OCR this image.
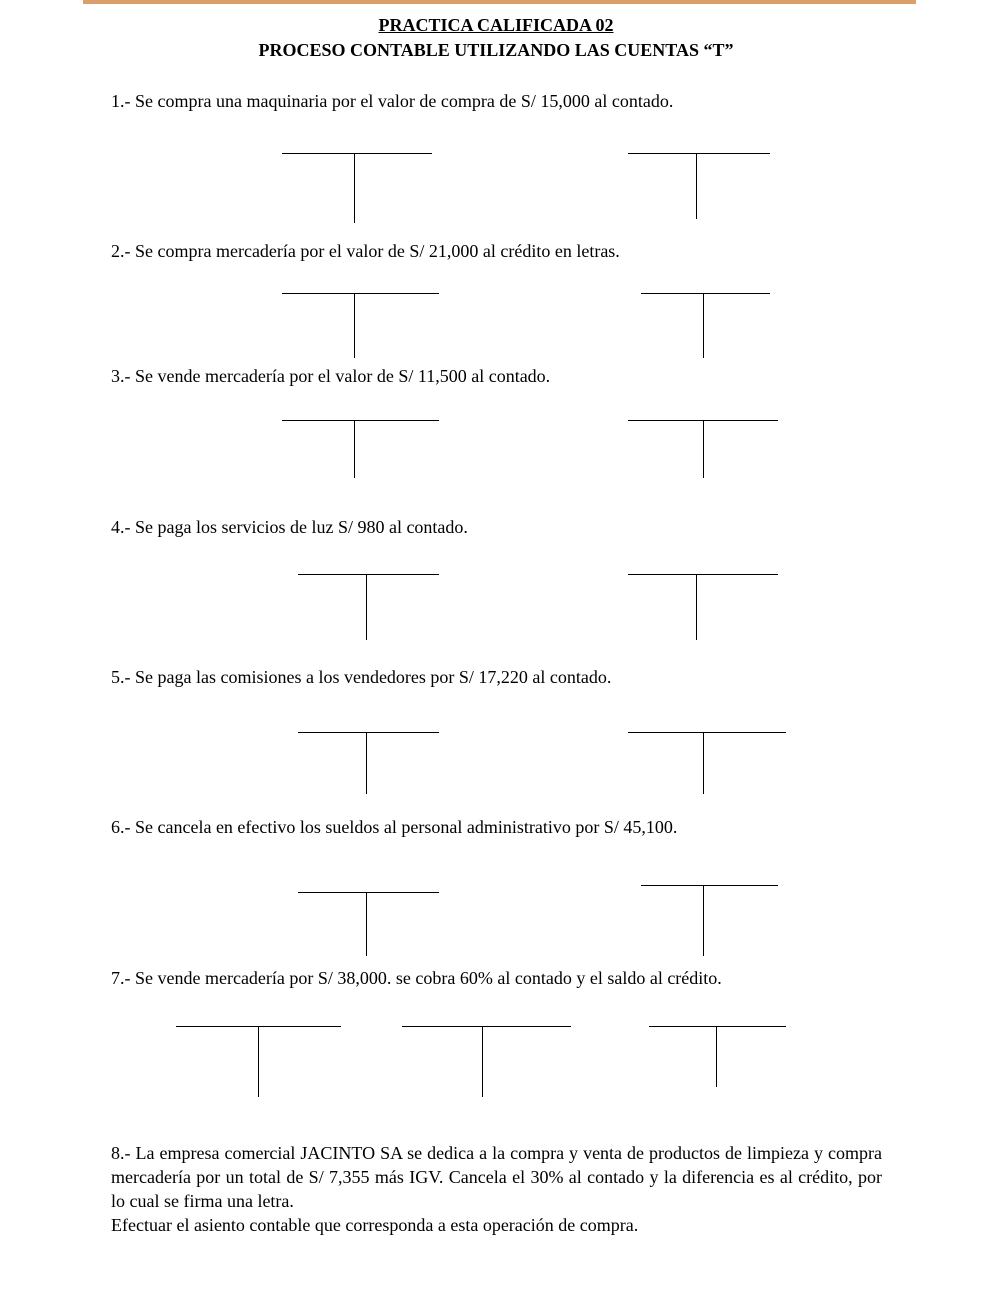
PRACTICA CALIFICADA 02
PROCESO CONTABLE UTILIZANDO LAS CUENTAS “T”
1.- Se compra una maquinaria por el valor de compra de S/ 15,000 al contado.
2.- Se compra mercadería por el valor de S/ 21,000 al crédito en letras.
3.- Se vende mercadería por el valor de S/ 11,500 al contado.
4.- Se paga los servicios de luz S/ 980 al contado.
5.- Se paga las comisiones a los vendedores por S/ 17,220 al contado.
6.- Se cancela en efectivo los sueldos al personal administrativo por S/ 45,100.
7.- Se vende mercadería por S/ 38,000. se cobra 60% al contado y el saldo al crédito.
8.- La empresa comercial JACINTO SA se dedica a la compra y venta de productos de limpieza y compra mercadería por un total de S/ 7,355 más IGV. Cancela el 30% al contado y la diferencia es al crédito, por lo cual se firma una letra.
Efectuar el asiento contable que corresponda a esta operación de compra.
